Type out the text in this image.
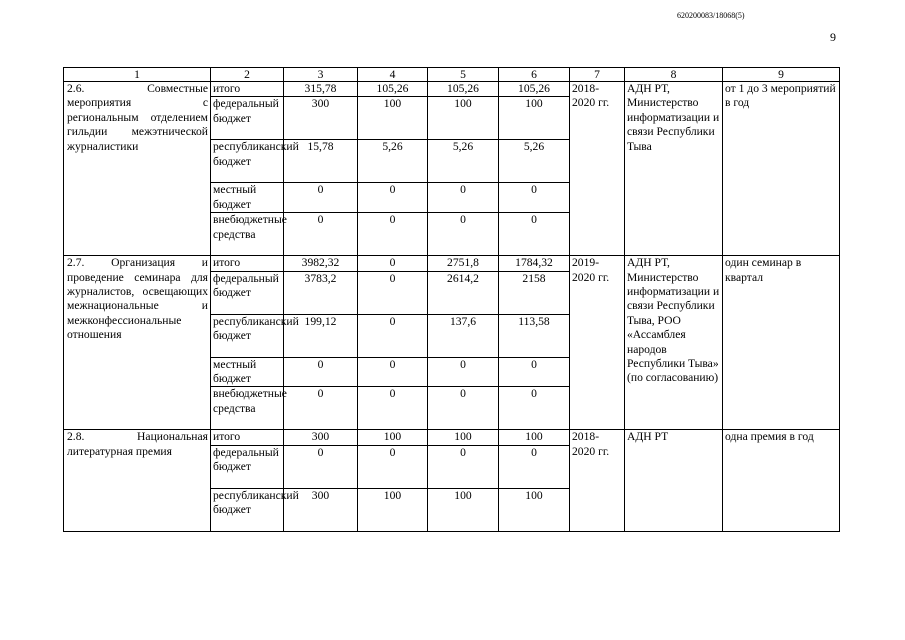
620200083/18068(5)
9
1	2	3	4	5	6	7	8	9
2.6. Совместные мероприятия с региональным отделением гильдии межэтнической журналистики	итого	315,78	105,26	105,26	105,26	2018-2020 гг.	АДН РТ, Министерство информатизации и связи Республики Тыва	от 1 до 3 мероприятий в год
	федеральный бюджет	300	100	100	100			
	республиканский бюджет	15,78	5,26	5,26	5,26			
	местный бюджет	0	0	0	0			
	внебюджетные средства	0	0	0	0			
2.7. Организация и проведение семинара для журналистов, освещающих межнациональные и межконфессиональные отношения	итого	3982,32	0	2751,8	1784,32	2019-2020 гг.	АДН РТ, Министерство информатизации и связи Республики Тыва, РОО «Ассамблея народов Республики Тыва» (по согласованию)	один семинар в квартал
	федеральный бюджет	3783,2	0	2614,2	2158			
	республиканский бюджет	199,12	0	137,6	113,58			
	местный бюджет	0	0	0	0			
	внебюджетные средства	0	0	0	0			
2.8. Национальная литературная премия	итого	300	100	100	100	2018-2020 гг.	АДН РТ	одна премия в год
	федеральный бюджет	0	0	0	0			
	республиканский бюджет	300	100	100	100			
